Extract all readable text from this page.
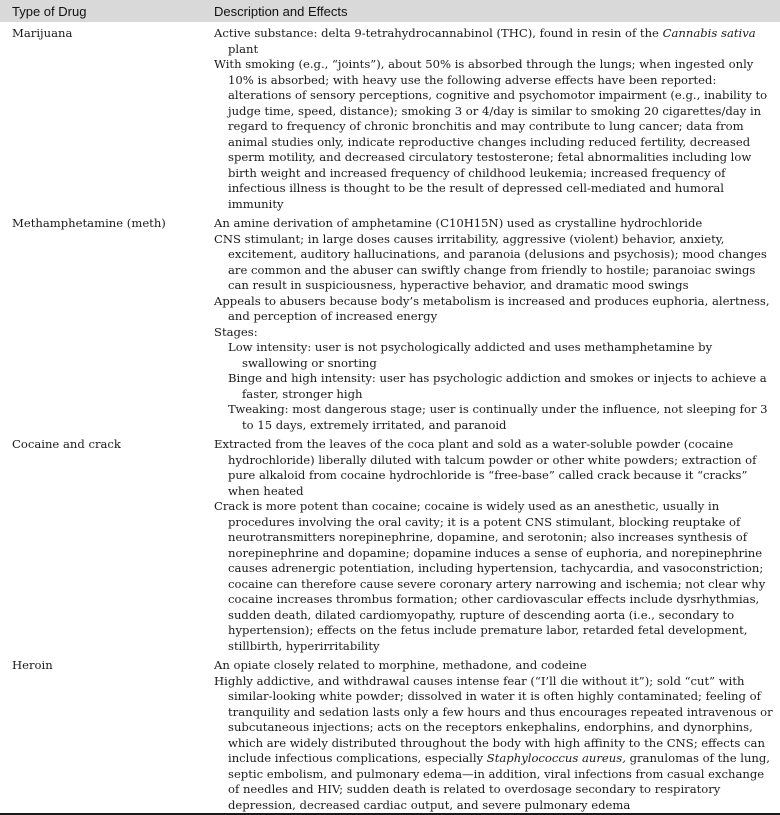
Type of Drug	Description and Effects
Marijuana	Active substance: delta 9-tetrahydrocannabinol (THC), found in resin of the Cannabis sativa plant

With smoking (e.g., “joints”), about 50% is absorbed through the lungs; when ingested only 10% is absorbed; with heavy use the following adverse effects have been reported: alterations of sensory perceptions, cognitive and psychomotor impairment (e.g., inability to judge time, speed, distance); smoking 3 or 4/day is similar to smoking 20 cigarettes/day in regard to frequency of chronic bronchitis and may contribute to lung cancer; data from animal studies only, indicate reproductive changes including reduced fertility, decreased sperm motility, and decreased circulatory testosterone; fetal abnormalities including low birth weight and increased frequency of childhood leukemia; increased frequency of infectious illness is thought to be the result of depressed cell-mediated and humoral immunity

Methamphetamine (meth)	An amine derivation of amphetamine (C10H15N) used as crystalline hydrochloride

CNS stimulant; in large doses causes irritability, aggressive (violent) behavior, anxiety, excitement, auditory hallucinations, and paranoia (delusions and psychosis); mood changes are common and the abuser can swiftly change from friendly to hostile; paranoiac swings can result in suspiciousness, hyperactive behavior, and dramatic mood swings

Appeals to abusers because body’s metabolism is increased and produces euphoria, alertness, and perception of increased energy

Stages:

Low intensity: user is not psychologically addicted and uses methamphetamine by swallowing or snorting

Binge and high intensity: user has psychologic addiction and smokes or injects to achieve a faster, stronger high

Tweaking: most dangerous stage; user is continually under the influence, not sleeping for 3 to 15 days, extremely irritated, and paranoid

Cocaine and crack	Extracted from the leaves of the coca plant and sold as a water-soluble powder (cocaine hydrochloride) liberally diluted with talcum powder or other white powders; extraction of pure alkaloid from cocaine hydrochloride is “free-base” called crack because it “cracks” when heated

Crack is more potent than cocaine; cocaine is widely used as an anesthetic, usually in procedures involving the oral cavity; it is a potent CNS stimulant, blocking reuptake of neurotransmitters norepinephrine, dopamine, and serotonin; also increases synthesis of norepinephrine and dopamine; dopamine induces a sense of euphoria, and norepinephrine causes adrenergic potentiation, including hypertension, tachycardia, and vasoconstriction; cocaine can therefore cause severe coronary artery narrowing and ischemia; not clear why cocaine increases thrombus formation; other cardiovascular effects include dysrhythmias, sudden death, dilated cardiomyopathy, rupture of descending aorta (i.e., secondary to hypertension); effects on the fetus include premature labor, retarded fetal development, stillbirth, hyperirritability

Heroin	An opiate closely related to morphine, methadone, and codeine

Highly addictive, and withdrawal causes intense fear (“I’ll die without it”); sold “cut” with similar-looking white powder; dissolved in water it is often highly contaminated; feeling of tranquility and sedation lasts only a few hours and thus encourages repeated intravenous or subcutaneous injections; acts on the receptors enkephalins, endorphins, and dynorphins, which are widely distributed throughout the body with high affinity to the CNS; effects can include infectious complications, especially Staphylococcus aureus, granulomas of the lung, septic embolism, and pulmonary edema—in addition, viral infections from casual exchange of needles and HIV; sudden death is related to overdosage secondary to respiratory depression, decreased cardiac output, and severe pulmonary edema
